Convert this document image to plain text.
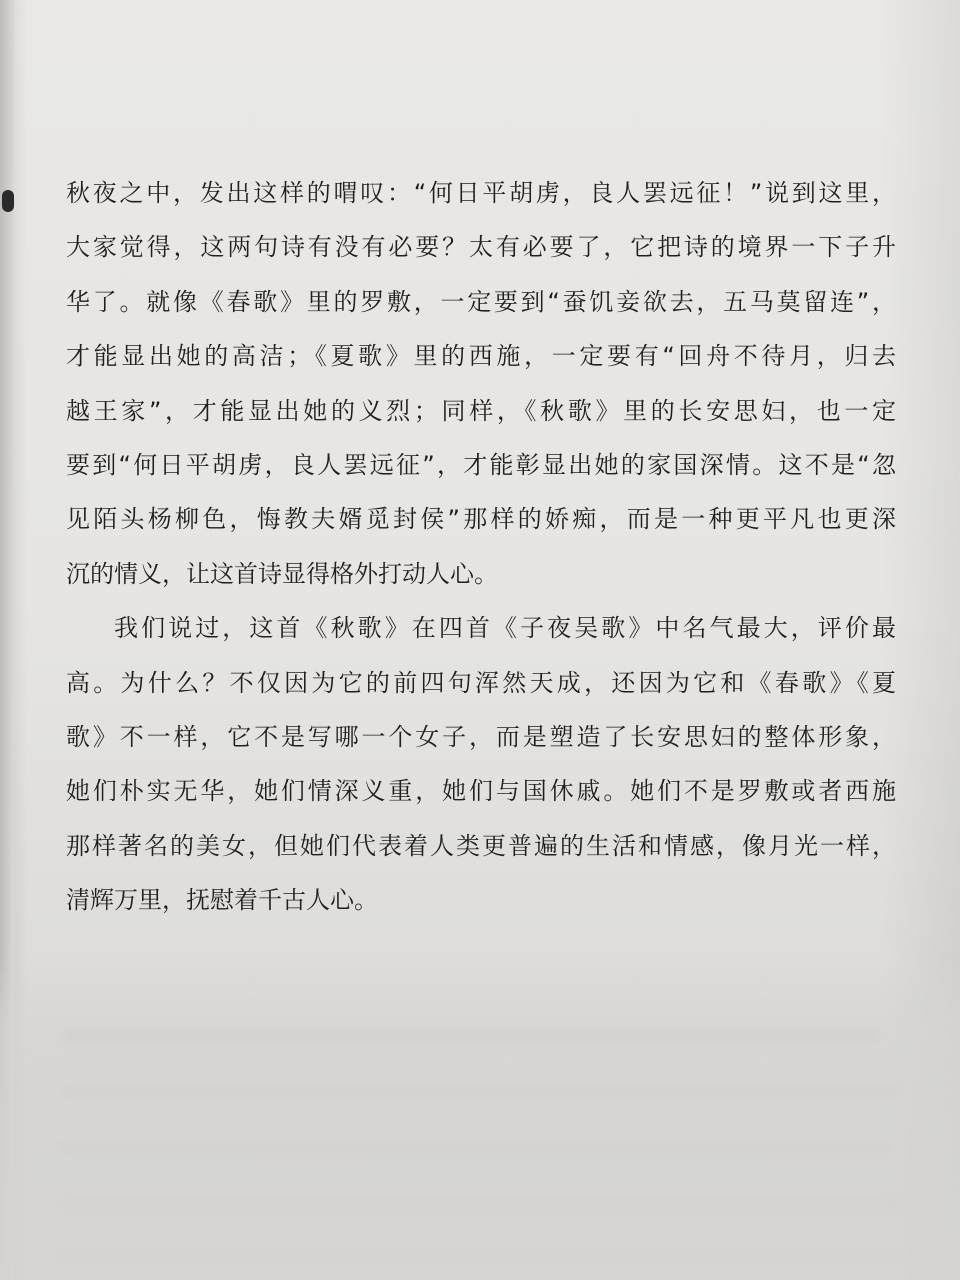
秋夜之中，发出这样的喟叹：“何日平胡虏，良人罢远征！”说到这里，
大家觉得，这两句诗有没有必要？太有必要了，它把诗的境界一下子升
华了。就像《春歌》里的罗敷，一定要到“蚕饥妾欲去，五马莫留连”，
才能显出她的高洁；《夏歌》里的西施，一定要有“回舟不待月，归去
越王家”，才能显出她的义烈；同样，《秋歌》里的长安思妇，也一定
要到“何日平胡虏，良人罢远征”，才能彰显出她的家国深情。这不是“忽
见陌头杨柳色，悔教夫婿觅封侯”那样的娇痴，而是一种更平凡也更深
沉的情义，让这首诗显得格外打动人心。
我们说过，这首《秋歌》在四首《子夜吴歌》中名气最大，评价最
高。为什么？不仅因为它的前四句浑然天成，还因为它和《春歌》《夏
歌》不一样，它不是写哪一个女子，而是塑造了长安思妇的整体形象，
她们朴实无华，她们情深义重，她们与国休戚。她们不是罗敷或者西施
那样著名的美女，但她们代表着人类更普遍的生活和情感，像月光一样，
清辉万里，抚慰着千古人心。
